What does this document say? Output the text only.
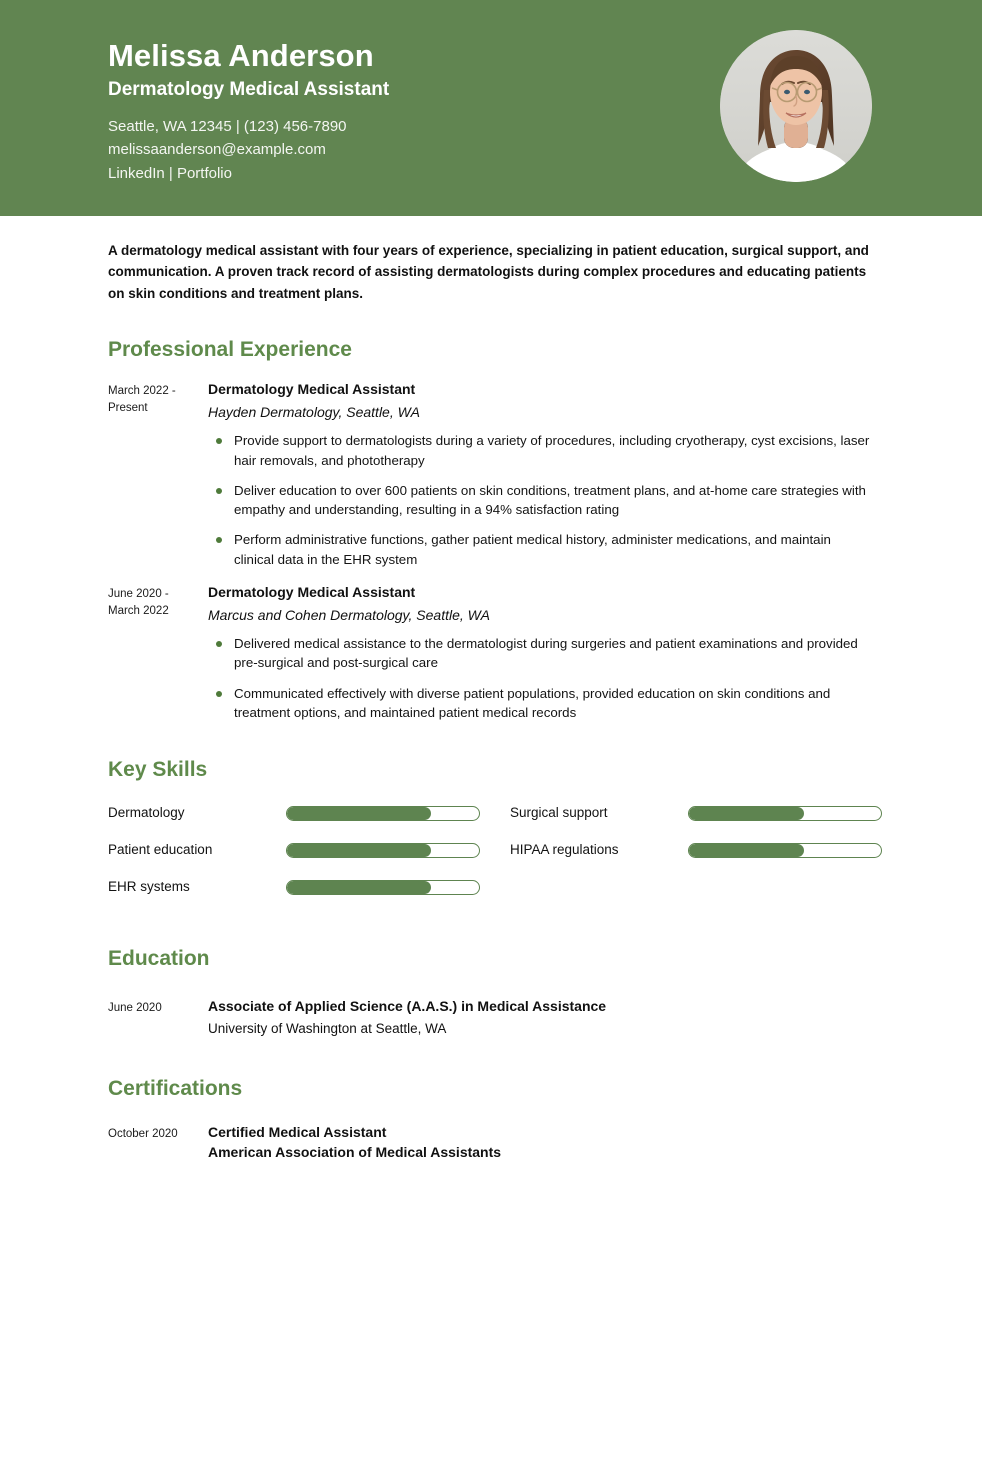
Melissa Anderson
Dermatology Medical Assistant
Seattle, WA 12345 | (123) 456-7890
melissaanderson@example.com
LinkedIn | Portfolio
A dermatology medical assistant with four years of experience, specializing in patient education, surgical support, and communication. A proven track record of assisting dermatologists during complex procedures and educating patients on skin conditions and treatment plans.
Professional Experience
March 2022 - Present
Dermatology Medical Assistant
Hayden Dermatology, Seattle, WA
Provide support to dermatologists during a variety of procedures, including cryotherapy, cyst excisions, laser hair removals, and phototherapy
Deliver education to over 600 patients on skin conditions, treatment plans, and at-home care strategies with empathy and understanding, resulting in a 94% satisfaction rating
Perform administrative functions, gather patient medical history, administer medications, and maintain clinical data in the EHR system
June 2020 - March 2022
Dermatology Medical Assistant
Marcus and Cohen Dermatology, Seattle, WA
Delivered medical assistance to the dermatologist during surgeries and patient examinations and provided pre-surgical and post-surgical care
Communicated effectively with diverse patient populations, provided education on skin conditions and treatment options, and maintained patient medical records
Key Skills
Dermatology
Patient education
EHR systems
Surgical support
HIPAA regulations
Education
June 2020	Associate of Applied Science (A.A.S.) in Medical Assistance
University of Washington at Seattle, WA
Certifications
October 2020	Certified Medical Assistant
American Association of Medical Assistants
